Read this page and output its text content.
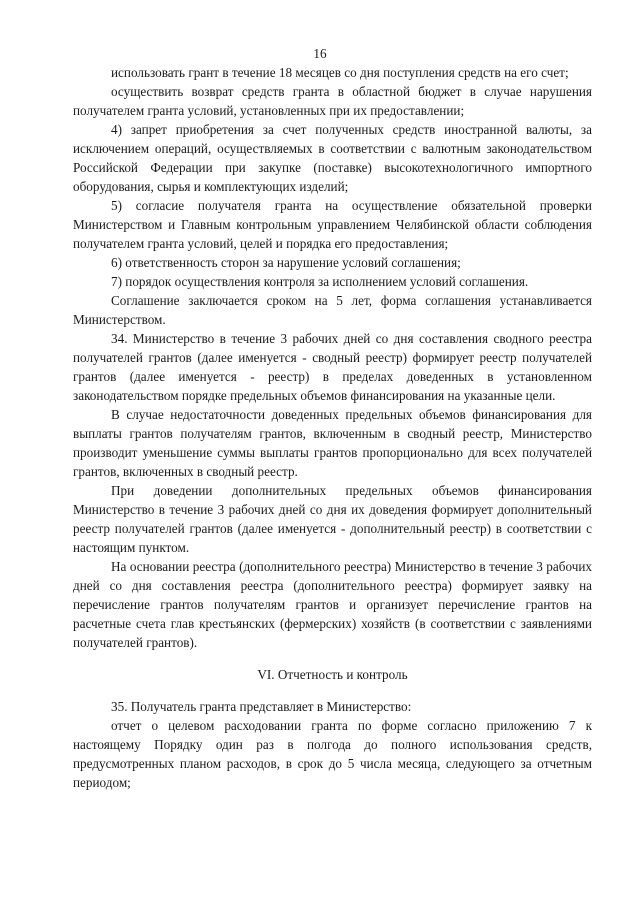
16

использовать грант в течение 18 месяцев со дня поступления средств на его счет;

осуществить возврат средств гранта в областной бюджет в случае нарушения получателем гранта условий, установленных при их предоставлении;

4) запрет приобретения за счет полученных средств иностранной валюты, за исключением операций, осуществляемых в соответствии с валютным законодательством Российской Федерации при закупке (поставке) высокотехнологичного импортного оборудования, сырья и комплектующих изделий;

5) согласие получателя гранта на осуществление обязательной проверки Министерством и Главным контрольным управлением Челябинской области соблюдения получателем гранта условий, целей и порядка его предоставления;

6) ответственность сторон за нарушение условий соглашения;

7) порядок осуществления контроля за исполнением условий соглашения.

Соглашение заключается сроком на 5 лет, форма соглашения устанавливается Министерством.

34. Министерство в течение 3 рабочих дней со дня составления сводного реестра получателей грантов (далее именуется - сводный реестр) формирует реестр получателей грантов (далее именуется - реестр) в пределах доведенных в установленном законодательством порядке предельных объемов финансирования на указанные цели.

В случае недостаточности доведенных предельных объемов финансирования для выплаты грантов получателям грантов, включенным в сводный реестр, Министерство производит уменьшение суммы выплаты грантов пропорционально для всех получателей грантов, включенных в сводный реестр.

При доведении дополнительных предельных объемов финансирования Министерство в течение 3 рабочих дней со дня их доведения формирует дополнительный реестр получателей грантов (далее именуется - дополнительный реестр) в соответствии с настоящим пунктом.

На основании реестра (дополнительного реестра) Министерство в течение 3 рабочих дней со дня составления реестра (дополнительного реестра) формирует заявку на перечисление грантов получателям грантов и организует перечисление грантов на расчетные счета глав крестьянских (фермерских) хозяйств (в соответствии с заявлениями получателей грантов).

VI. Отчетность и контроль

35. Получатель гранта представляет в Министерство:

отчет о целевом расходовании гранта по форме согласно приложению 7 к настоящему Порядку один раз в полгода до полного использования средств, предусмотренных планом расходов, в срок до 5 числа месяца, следующего за отчетным периодом;
